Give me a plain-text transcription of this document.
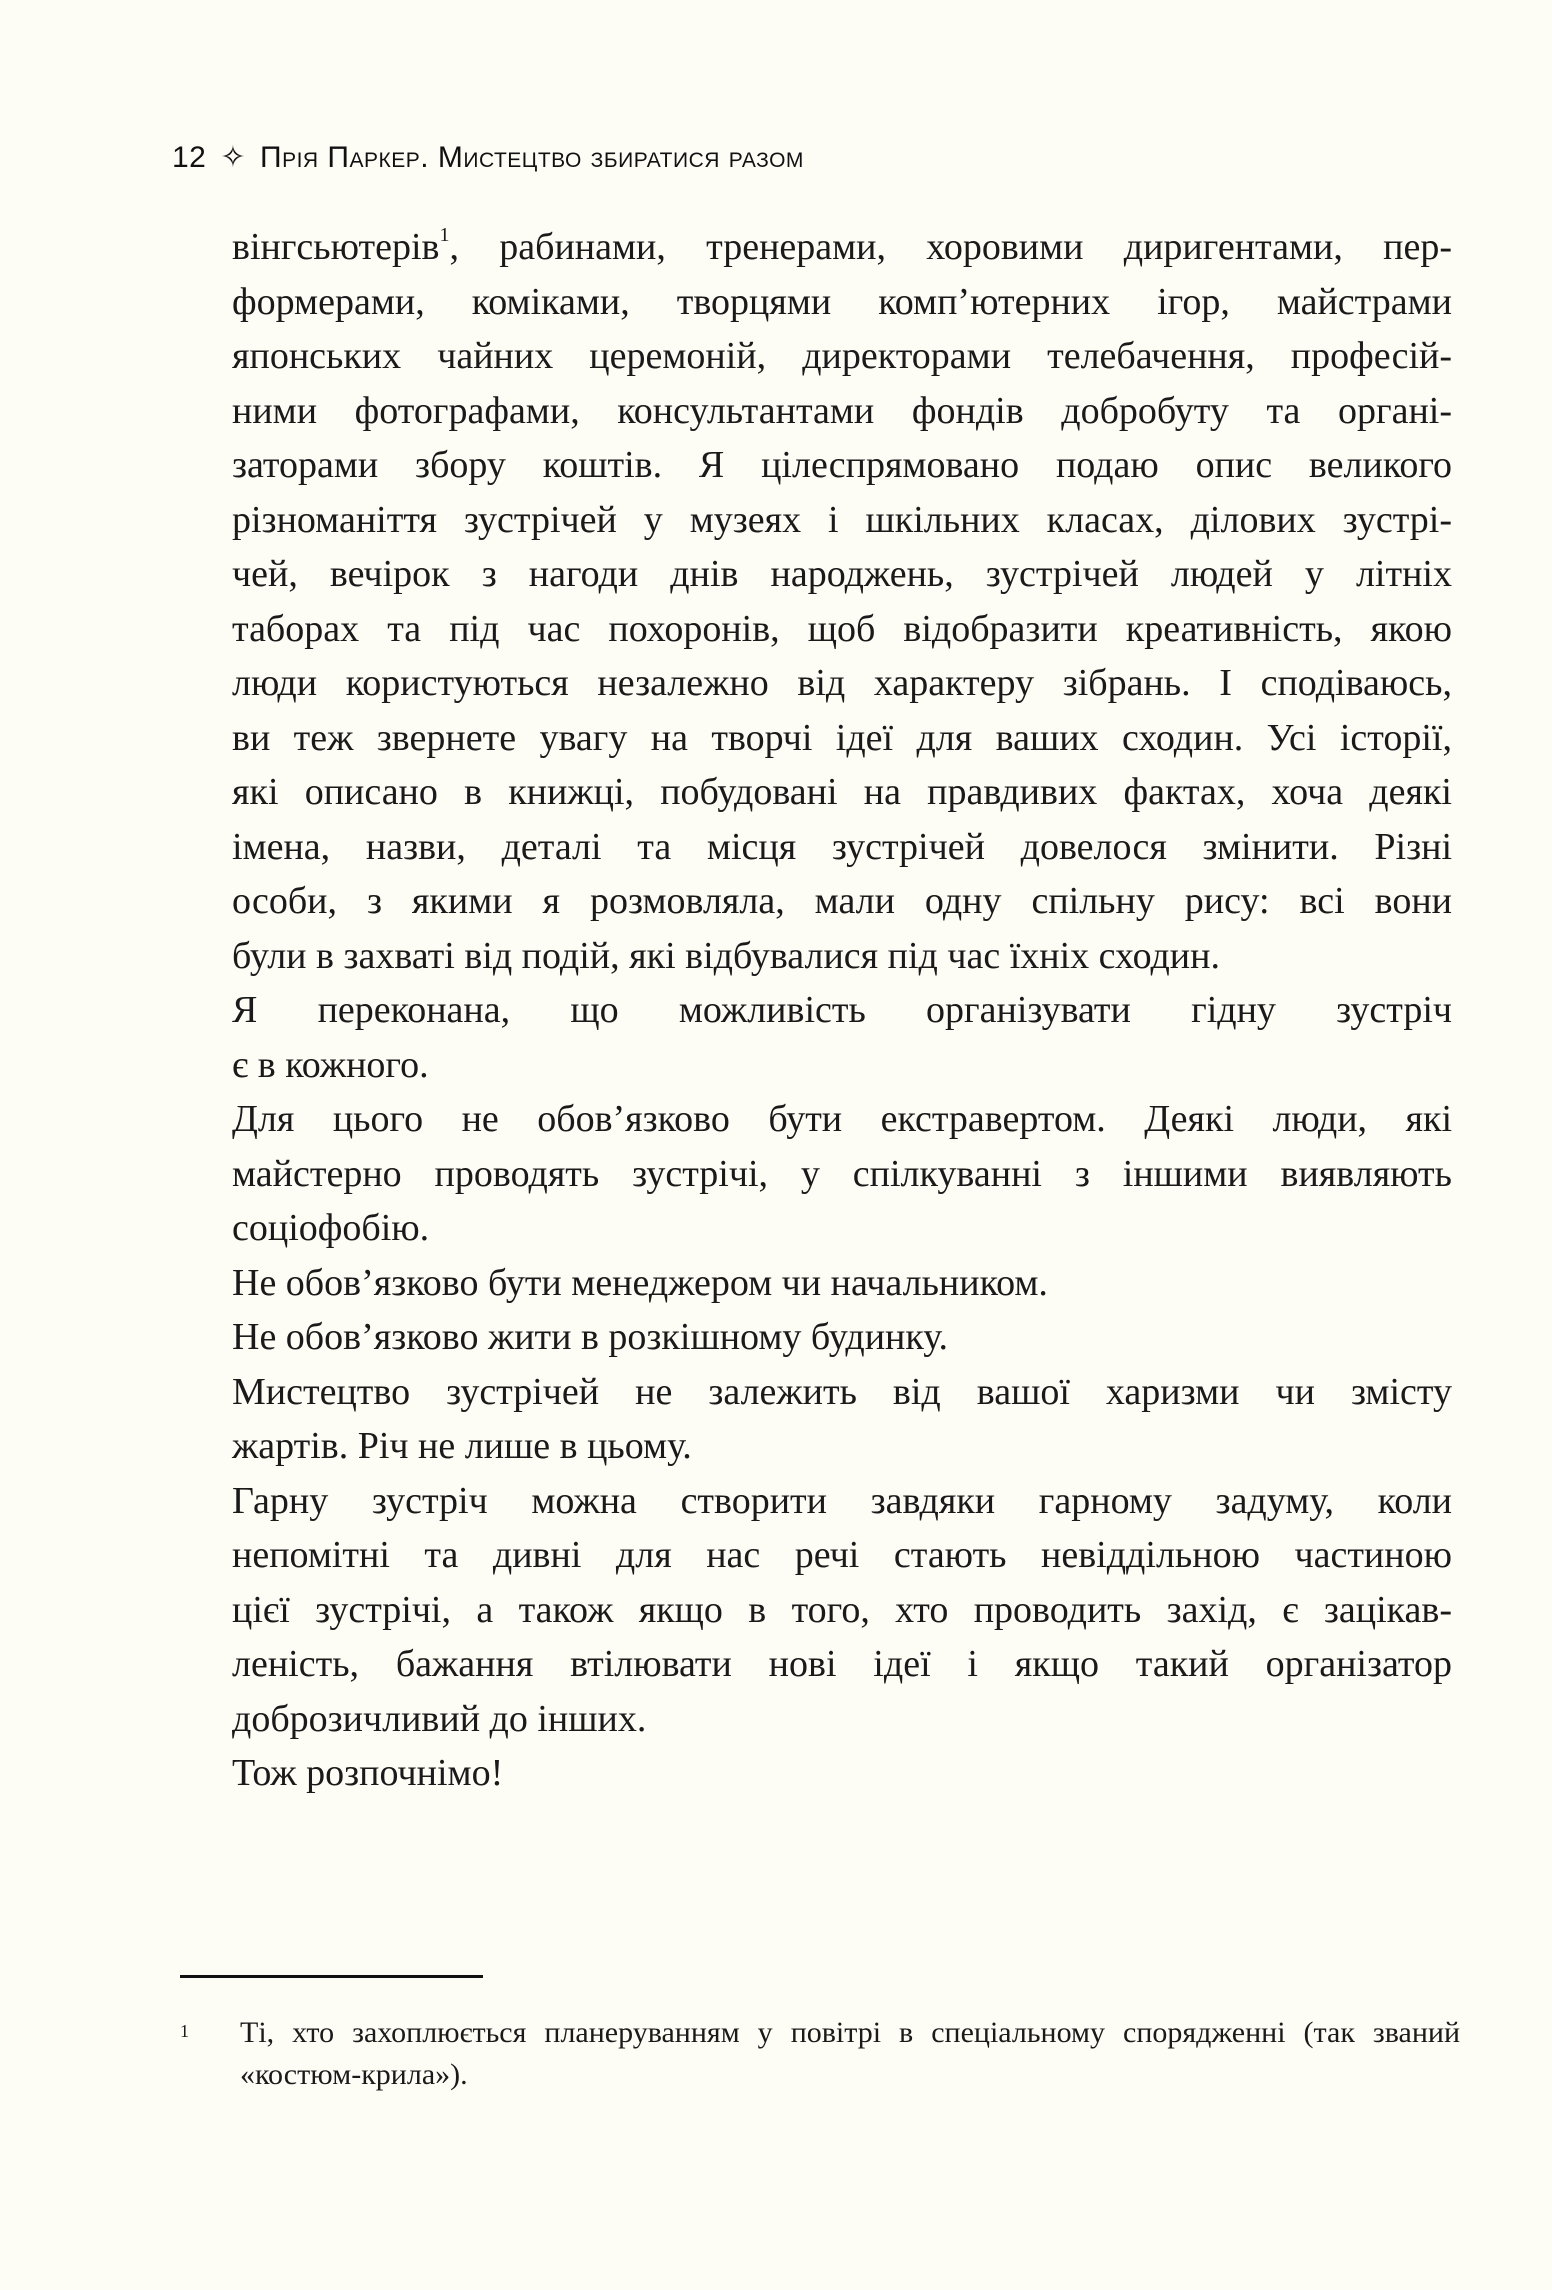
12 ✧ Прія Паркер. Мистецтво збиратися разом
вінгсьютерів$^1$, рабинами, тренерами, хоровими диригентами, пер-
формерами, коміками, творцями комп’ютерних ігор, майстрами
японських чайних церемоній, директорами телебачення, професій-
ними фотографами, консультантами фондів добробуту та органі-
заторами збору коштів. Я цілеспрямовано подаю опис великого
різноманіття зустрічей у музеях і шкільних класах, ділових зустрі-
чей, вечірок з нагоди днів народжень, зустрічей людей у літніх
таборах та під час похоронів, щоб відобразити креативність, якою
люди користуються незалежно від характеру зібрань. І сподіваюсь,
ви теж звернете увагу на творчі ідеї для ваших сходин. Усі історії,
які описано в книжці, побудовані на правдивих фактах, хоча деякі
імена, назви, деталі та місця зустрічей довелося змінити. Різні
особи, з якими я розмовляла, мали одну спільну рису: всі вони
були в захваті від подій, які відбувалися під час їхніх сходин.
Я переконана, що можливість організувати гідну зустріч
є в кожного.
Для цього не обов’язково бути екстравертом. Деякі люди, які
майстерно проводять зустрічі, у спілкуванні з іншими виявляють
соціофобію.
Не обов’язково бути менеджером чи начальником.
Не обов’язково жити в розкішному будинку.
Мистецтво зустрічей не залежить від вашої харизми чи змісту
жартів. Річ не лише в цьому.
Гарну зустріч можна створити завдяки гарному задуму, коли
непомітні та дивні для нас речі стають невіддільною частиною
цієї зустрічі, а також якщо в того, хто проводить захід, є зацікав-
леність, бажання втілювати нові ідеї і якщо такий організатор
доброзичливий до інших.
Тож розпочнімо!
1 Ті, хто захоплюється планеруванням у повітрі в спеціальному спорядженні (так званий
«костюм-крила»).
